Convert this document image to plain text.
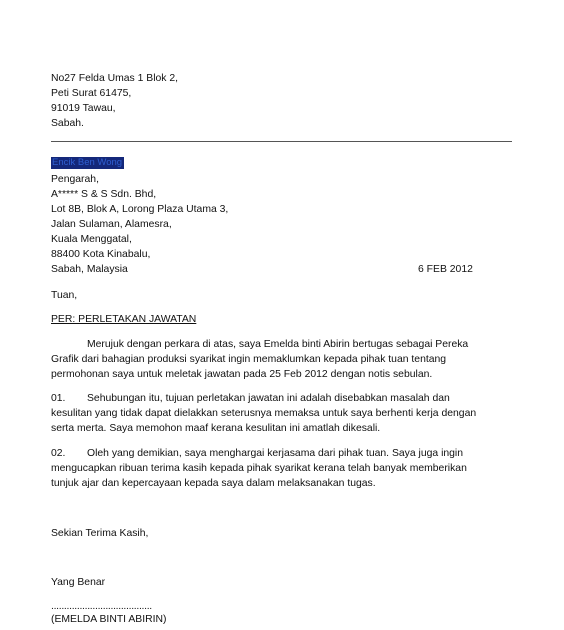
No27 Felda Umas 1 Blok 2,
Peti Surat 61475,
91019 Tawau,
Sabah.
Encik Ben Wong
Pengarah,
A***** S & S Sdn. Bhd,
Lot 8B, Blok A, Lorong Plaza Utama 3,
Jalan Sulaman, Alamesra,
Kuala Menggatal,
88400 Kota Kinabalu,
Sabah, Malaysia	6 FEB 2012
Tuan,
PER: PERLETAKAN JAWATAN
Merujuk dengan perkara di atas, saya Emelda binti Abirin bertugas sebagai Pereka
Grafik dari bahagian produksi syarikat ingin memaklumkan kepada pihak tuan tentang
permohonan saya untuk meletak jawatan pada 25 Feb 2012 dengan notis sebulan.
01. Sehubungan itu, tujuan perletakan jawatan ini adalah disebabkan masalah dan
kesulitan yang tidak dapat dielakkan seterusnya memaksa untuk saya berhenti kerja dengan
serta merta. Saya memohon maaf kerana kesulitan ini amatlah dikesali.
02. Oleh yang demikian, saya menghargai kerjasama dari pihak tuan. Saya juga ingin
mengucapkan ribuan terima kasih kepada pihak syarikat kerana telah banyak memberikan
tunjuk ajar dan kepercayaan kepada saya dalam melaksanakan tugas.
Sekian Terima Kasih,
Yang Benar
.......................................
(EMELDA BINTI ABIRIN)
